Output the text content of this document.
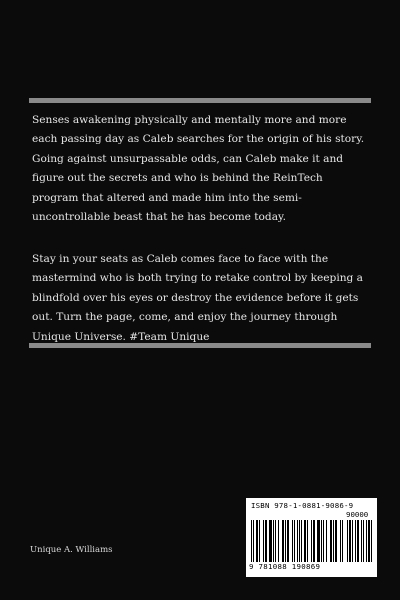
Senses awakening physically and mentally more and more each passing day as Caleb searches for the origin of his story. Going against unsurpassable odds, can Caleb make it and figure out the secrets and who is behind the ReinTech program that altered and made him into the semi-uncontrollable beast that he has become today.
Stay in your seats as Caleb comes face to face with the mastermind who is both trying to retake control by keeping a blindfold over his eyes or destroy the evidence before it gets out. Turn the page, come, and enjoy the journey through Unique Universe. #Team Unique
Unique A. Williams
ISBN 978-1-0881-9086-9
90000
9 781088 190869
